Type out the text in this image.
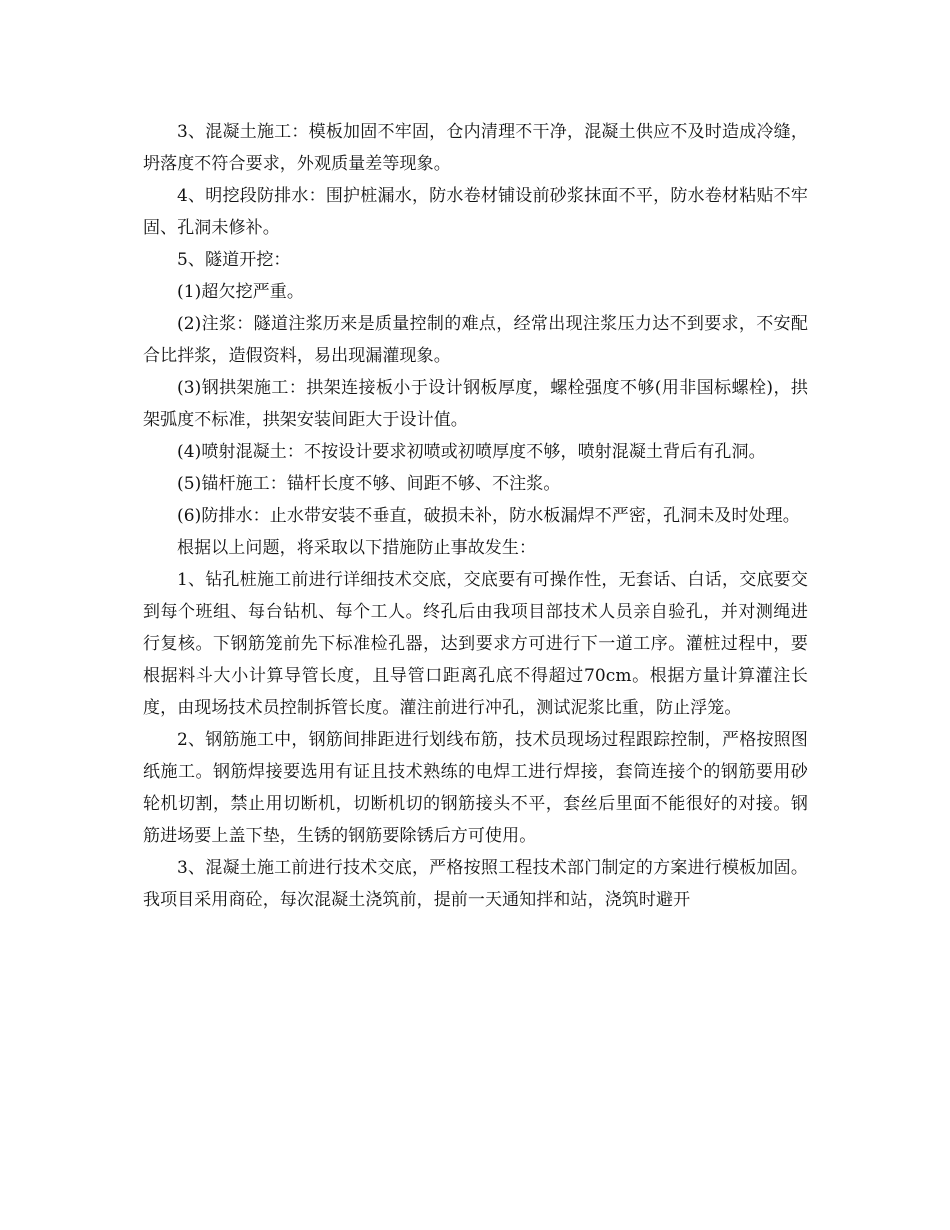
3、混凝土施工：模板加固不牢固，仓内清理不干净，混凝土供应不及时造成冷缝，坍落度不符合要求，外观质量差等现象。

4、明挖段防排水：围护桩漏水，防水卷材铺设前砂浆抹面不平，防水卷材粘贴不牢固、孔洞未修补。

5、隧道开挖：

(1)超欠挖严重。

(2)注浆：隧道注浆历来是质量控制的难点，经常出现注浆压力达不到要求，不安配合比拌浆，造假资料，易出现漏灌现象。

(3)钢拱架施工：拱架连接板小于设计钢板厚度，螺栓强度不够(用非国标螺栓)，拱架弧度不标准，拱架安装间距大于设计值。

(4)喷射混凝土：不按设计要求初喷或初喷厚度不够，喷射混凝土背后有孔洞。

(5)锚杆施工：锚杆长度不够、间距不够、不注浆。

(6)防排水：止水带安装不垂直，破损未补，防水板漏焊不严密，孔洞未及时处理。

根据以上问题，将采取以下措施防止事故发生：

1、钻孔桩施工前进行详细技术交底，交底要有可操作性，无套话、白话，交底要交到每个班组、每台钻机、每个工人。终孔后由我项目部技术人员亲自验孔，并对测绳进行复核。下钢筋笼前先下标准检孔器，达到要求方可进行下一道工序。灌桩过程中，要根据料斗大小计算导管长度，且导管口距离孔底不得超过70cm。根据方量计算灌注长度，由现场技术员控制拆管长度。灌注前进行冲孔，测试泥浆比重，防止浮笼。

2、钢筋施工中，钢筋间排距进行划线布筋，技术员现场过程跟踪控制，严格按照图纸施工。钢筋焊接要选用有证且技术熟练的电焊工进行焊接，套筒连接个的钢筋要用砂轮机切割，禁止用切断机，切断机切的钢筋接头不平，套丝后里面不能很好的对接。钢筋进场要上盖下垫，生锈的钢筋要除锈后方可使用。

3、混凝土施工前进行技术交底，严格按照工程技术部门制定的方案进行模板加固。我项目采用商砼，每次混凝土浇筑前，提前一天通知拌和站，浇筑时避开
